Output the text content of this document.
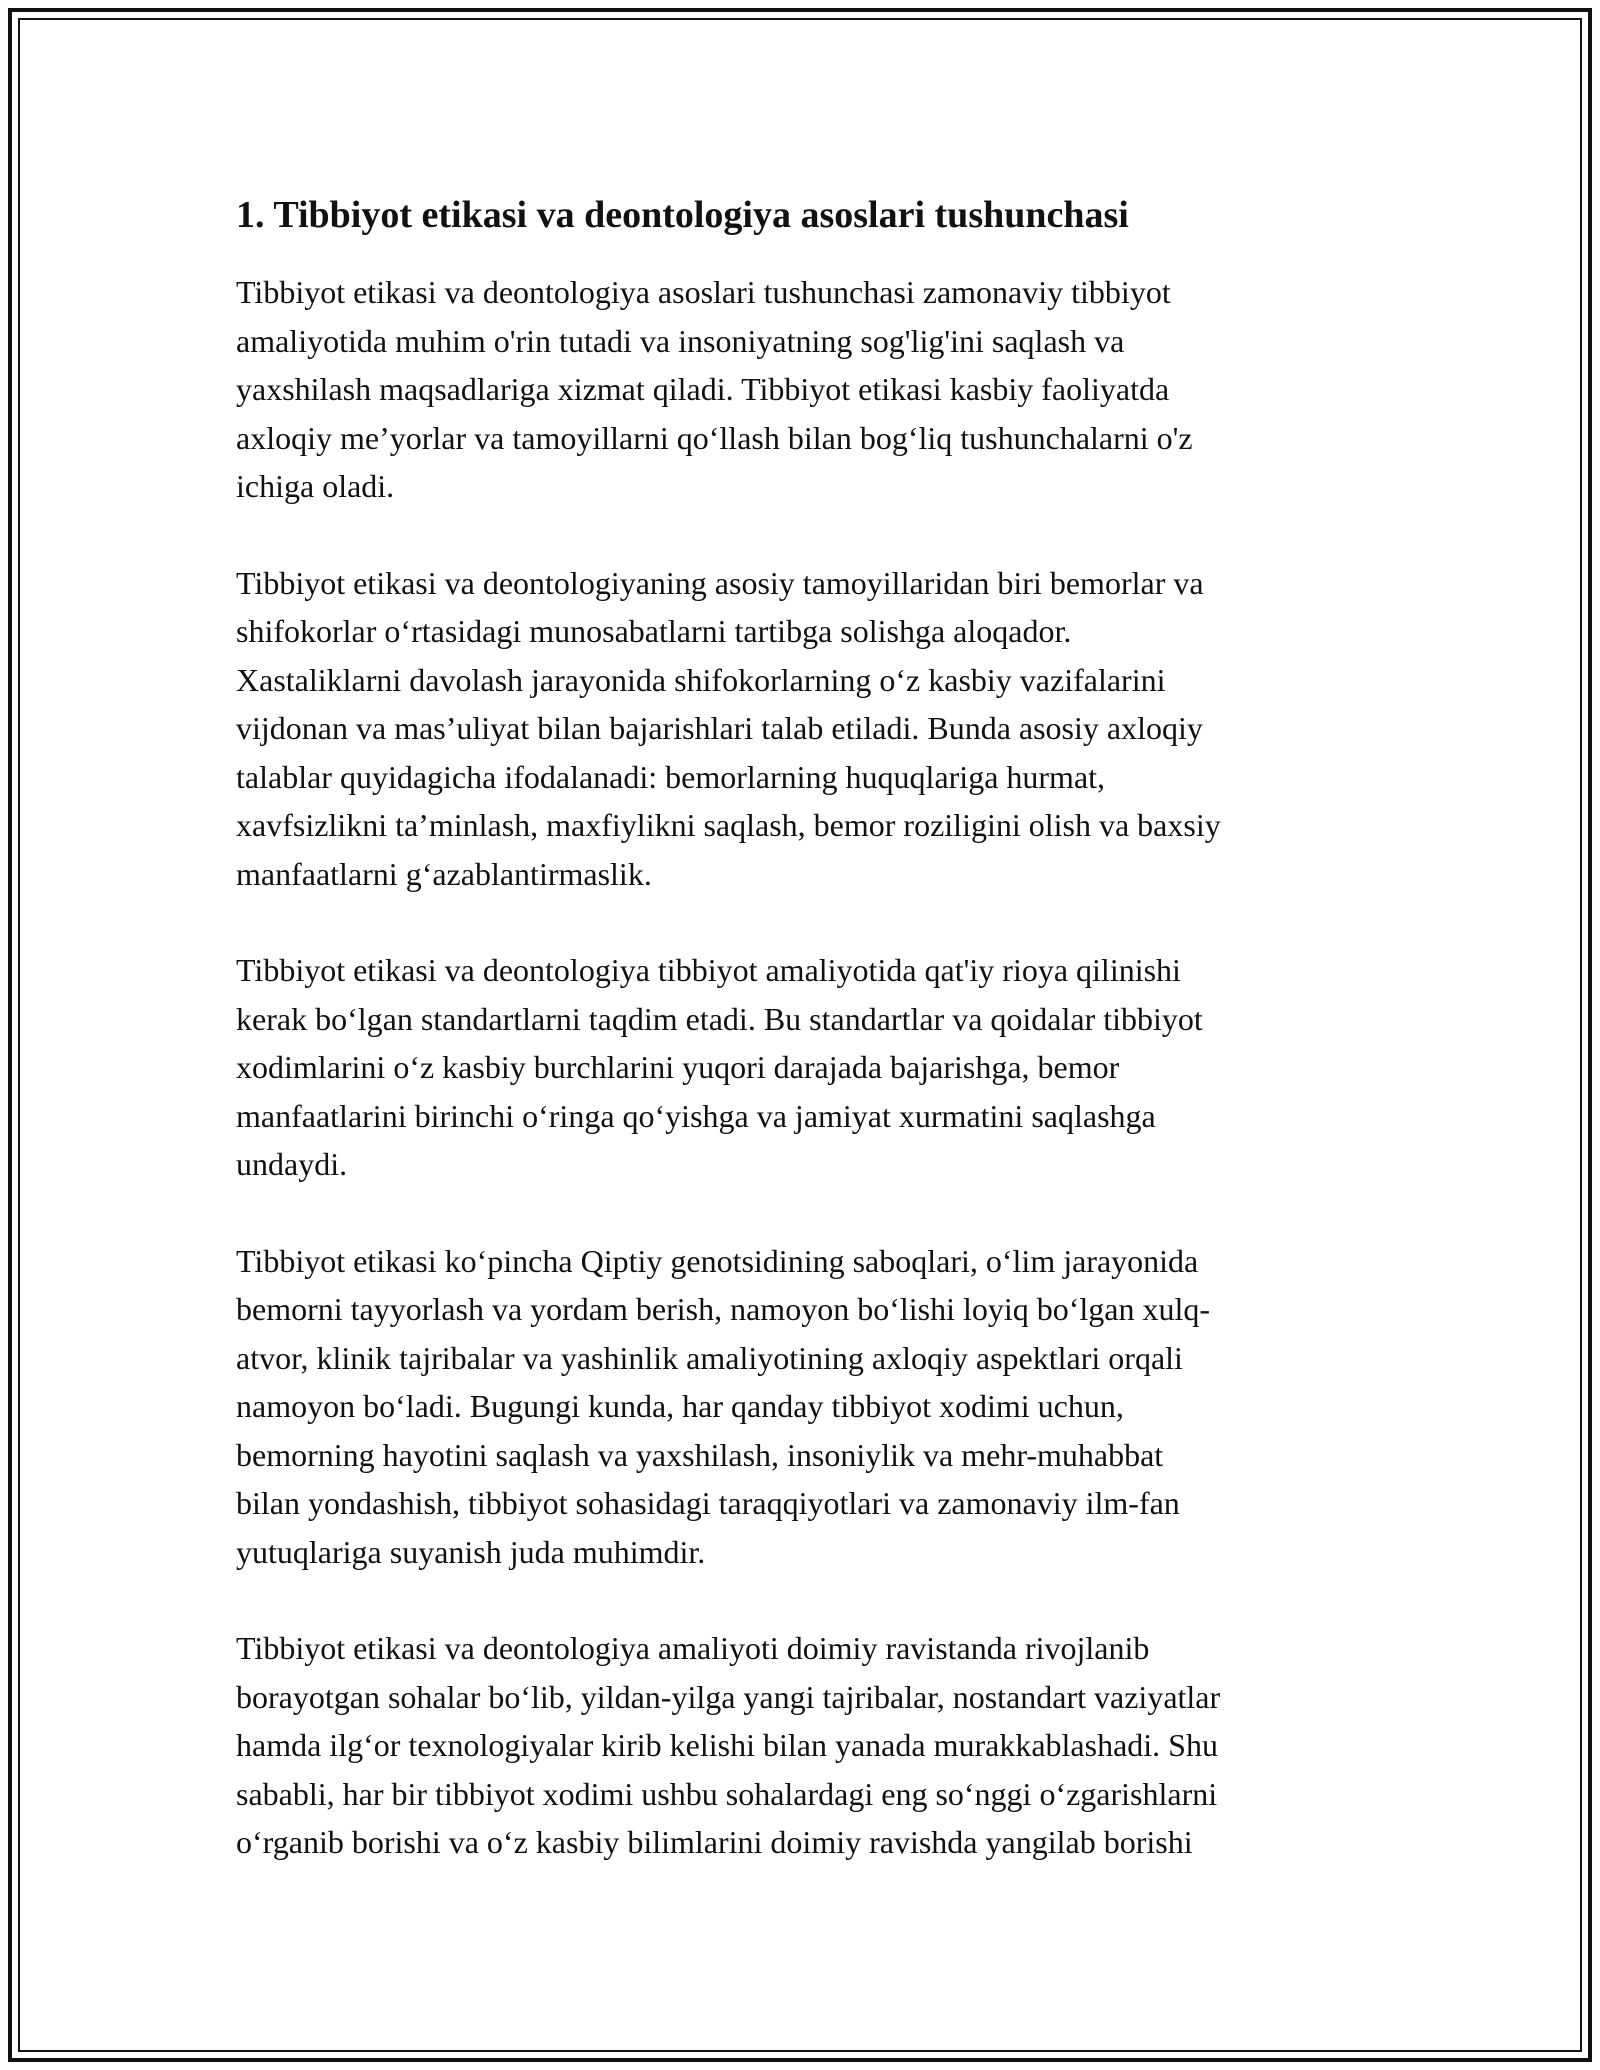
1. Tibbiyot etikasi va deontologiya asoslari tushunchasi

Tibbiyot etikasi va deontologiya asoslari tushunchasi zamonaviy tibbiyot
amaliyotida muhim o'rin tutadi va insoniyatning sog'lig'ini saqlash va
yaxshilash maqsadlariga xizmat qiladi. Tibbiyot etikasi kasbiy faoliyatda
axloqiy me’yorlar va tamoyillarni qo‘llash bilan bog‘liq tushunchalarni o'z
ichiga oladi.

Tibbiyot etikasi va deontologiyaning asosiy tamoyillaridan biri bemorlar va
shifokorlar o‘rtasidagi munosabatlarni tartibga solishga aloqador.
Xastaliklarni davolash jarayonida shifokorlarning o‘z kasbiy vazifalarini
vijdonan va mas’uliyat bilan bajarishlari talab etiladi. Bunda asosiy axloqiy
talablar quyidagicha ifodalanadi: bemorlarning huquqlariga hurmat,
xavfsizlikni ta’minlash, maxfiylikni saqlash, bemor roziligini olish va baxsiy
manfaatlarni g‘azablantirmaslik.

Tibbiyot etikasi va deontologiya tibbiyot amaliyotida qat'iy rioya qilinishi
kerak bo‘lgan standartlarni taqdim etadi. Bu standartlar va qoidalar tibbiyot
xodimlarini o‘z kasbiy burchlarini yuqori darajada bajarishga, bemor
manfaatlarini birinchi o‘ringa qo‘yishga va jamiyat xurmatini saqlashga
undaydi.

Tibbiyot etikasi ko‘pincha Qiptiy genotsidining saboqlari, o‘lim jarayonida
bemorni tayyorlash va yordam berish, namoyon bo‘lishi loyiq bo‘lgan xulq-
atvor, klinik tajribalar va yashinlik amaliyotining axloqiy aspektlari orqali
namoyon bo‘ladi. Bugungi kunda, har qanday tibbiyot xodimi uchun,
bemorning hayotini saqlash va yaxshilash, insoniylik va mehr-muhabbat
bilan yondashish, tibbiyot sohasidagi taraqqiyotlari va zamonaviy ilm-fan
yutuqlariga suyanish juda muhimdir.

Tibbiyot etikasi va deontologiya amaliyoti doimiy ravistanda rivojlanib
borayotgan sohalar bo‘lib, yildan-yilga yangi tajribalar, nostandart vaziyatlar
hamda ilg‘or texnologiyalar kirib kelishi bilan yanada murakkablashadi. Shu
sababli, har bir tibbiyot xodimi ushbu sohalardagi eng so‘nggi o‘zgarishlarni
o‘rganib borishi va o‘z kasbiy bilimlarini doimiy ravishda yangilab borishi
